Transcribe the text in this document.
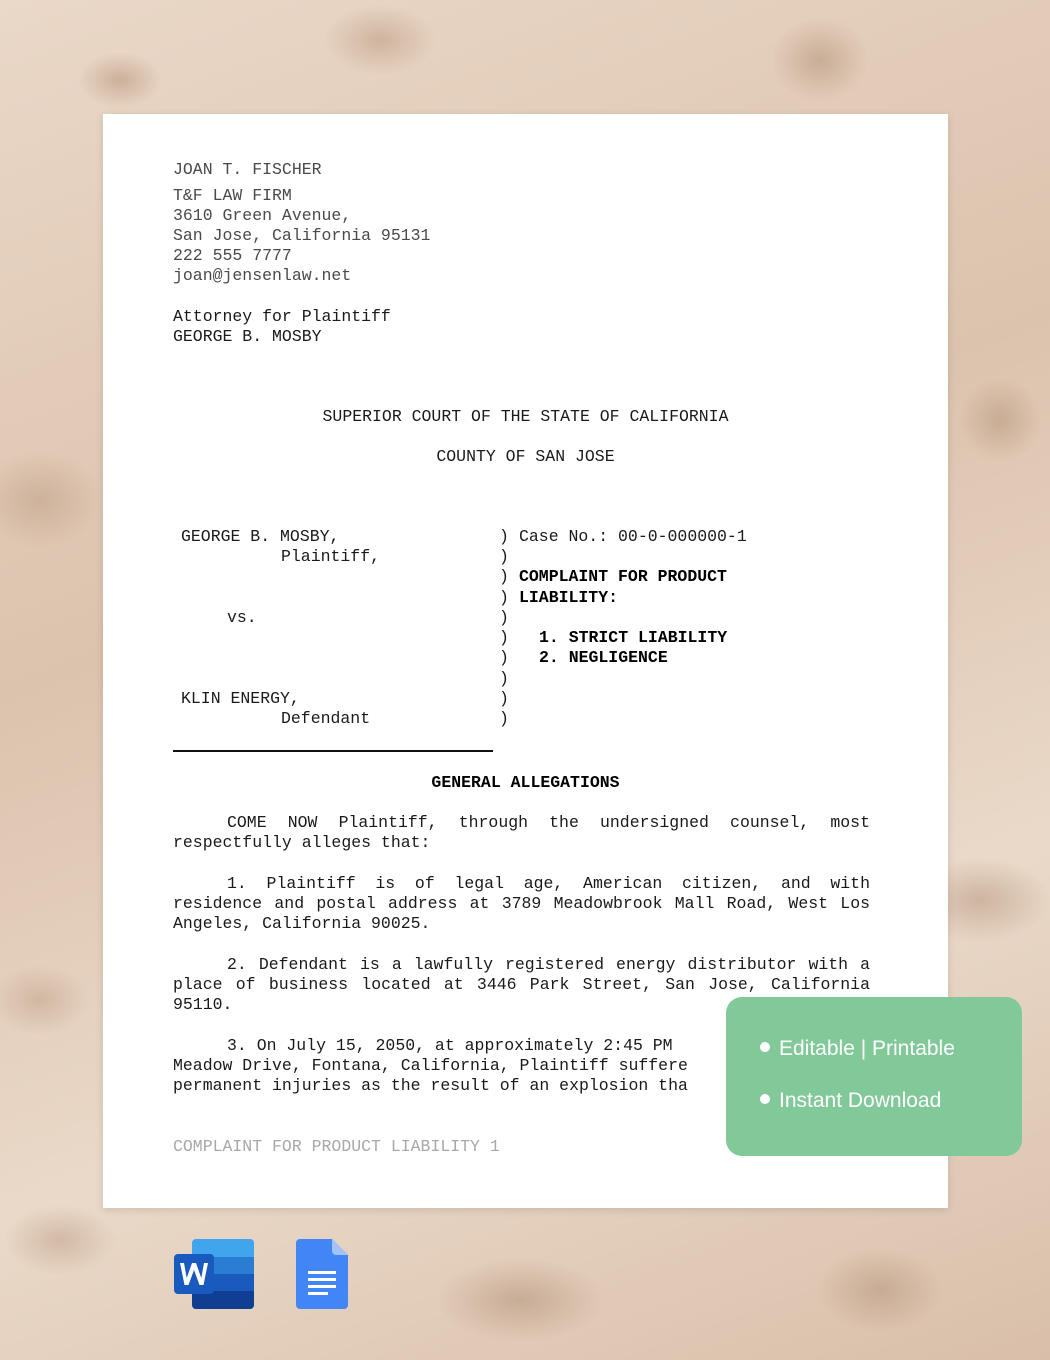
JOAN T. FISCHER
T&F LAW FIRM
3610 Green Avenue,
San Jose, California 95131
222 555 7777
joan@jensenlaw.net
Attorney for Plaintiff
GEORGE B. MOSBY
SUPERIOR COURT OF THE STATE OF CALIFORNIA
COUNTY OF SAN JOSE
GEORGE B. MOSBY,
Plaintiff,
vs.
KLIN ENERGY,
Defendant
)
)
)
)
)
)
)
)
)
)
Case No.: 00-0-000000-1
COMPLAINT FOR PRODUCT
LIABILITY:
1. STRICT LIABILITY
2. NEGLIGENCE
GENERAL ALLEGATIONS
COME NOW Plaintiff, through the undersigned counsel, most respectfully alleges that:
1. Plaintiff is of legal age, American citizen, and with residence and postal address at 3789 Meadowbrook Mall Road, West Los Angeles, California 90025.
2. Defendant is a lawfully registered energy distributor with a place of business located at 3446 Park Street, San Jose, California 95110.
3. On July 15, 2050, at approximately 2:45 PM
Meadow Drive, Fontana, California, Plaintiff suffere
permanent injuries as the result of an explosion tha
COMPLAINT FOR PRODUCT LIABILITY 1
Editable | Printable
Instant Download
